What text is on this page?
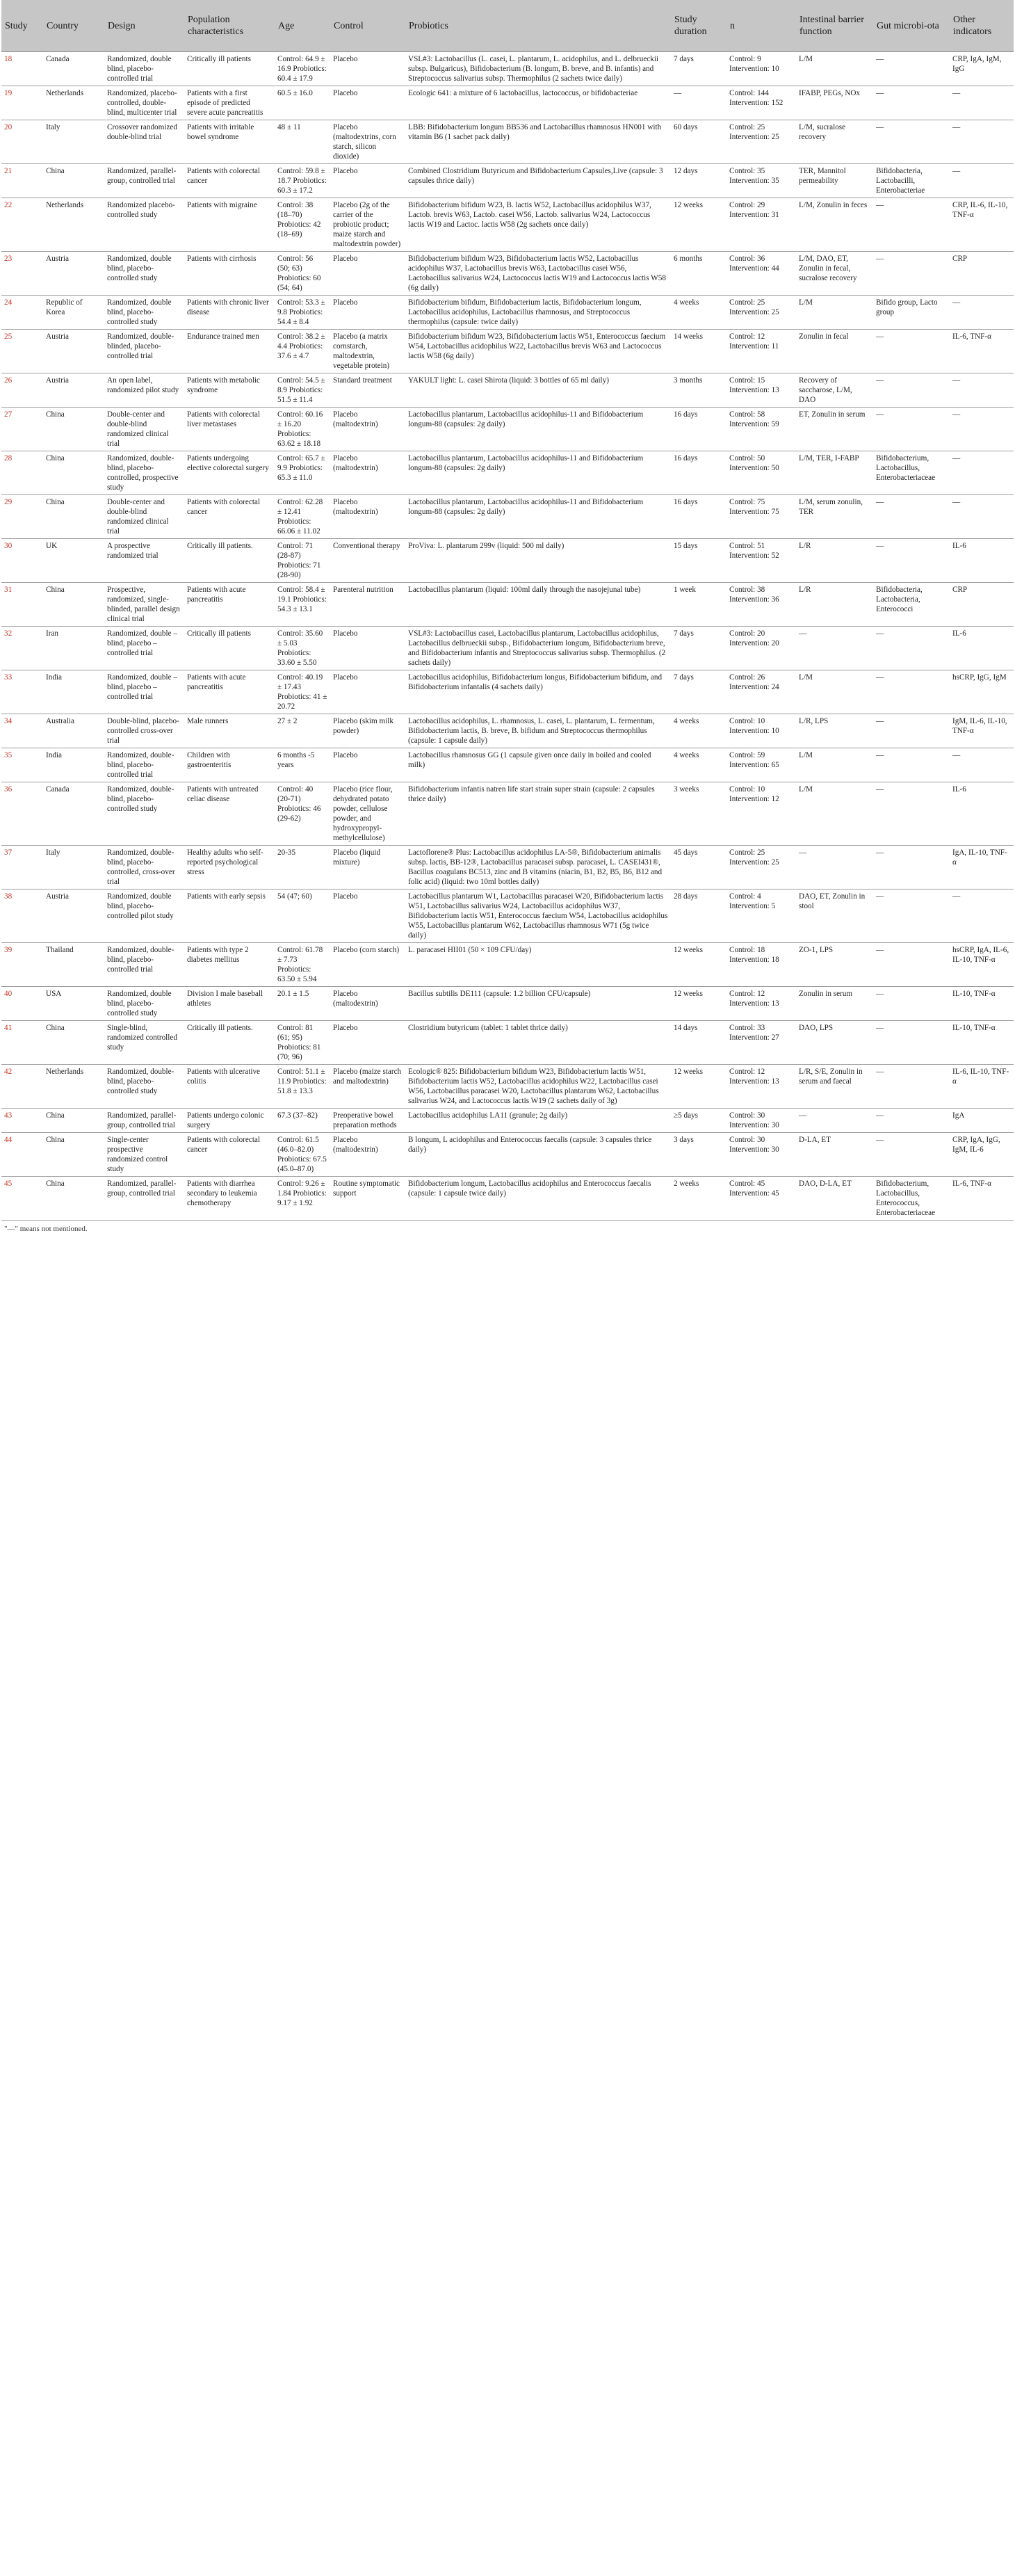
Study	Country	Design	Population characteristics	Age	Control	Probiotics	Study duration	n	Intestinal barrier function	Gut microbi-ota	Other indicators
18	Canada	Randomized, double blind, placebo-controlled trial	Critically ill patients	Control: 64.9 ± 16.9 Probiotics: 60.4 ± 17.9	Placebo	VSL#3: Lactobacillus (L. casei, L. plantarum, L. acidophilus, and L. delbrueckii subsp. Bulgaricus), Bifidobacterium (B. longum, B. breve, and B. infantis) and Streptococcus salivarius subsp. Thermophilus (2 sachets twice daily)	7 days	Control: 9 Intervention: 10	L/M	—	CRP, IgA, IgM, IgG
19	Netherlands	Randomized, placebo-controlled, double-blind, multicenter trial	Patients with a first episode of predicted severe acute pancreatitis	60.5 ± 16.0	Placebo	Ecologic 641: a mixture of 6 lactobacillus, lactococcus, or bifidobacteriae	—	Control: 144 Intervention: 152	IFABP, PEGs, NOx	—	—
20	Italy	Crossover randomized double-blind trial	Patients with irritable bowel syndrome	48 ± 11	Placebo (maltodextrins, corn starch, silicon dioxide)	LBB: Bifidobacterium longum BB536 and Lactobacillus rhamnosus HN001 with vitamin B6 (1 sachet pack daily)	60 days	Control: 25 Intervention: 25	L/M, sucralose recovery	—	—
21	China	Randomized, parallel-group, controlled trial	Patients with colorectal cancer	Control: 59.8 ± 18.7 Probiotics: 60.3 ± 17.2	Placebo	Combined Clostridium Butyricum and Bifidobacterium Capsules,Live (capsule: 3 capsules thrice daily)	12 days	Control: 35 Intervention: 35	TER, Mannitol permeability	Bifidobacteria, Lactobacilli, Enterobacteriae	—
22	Netherlands	Randomized placebo-controlled study	Patients with migraine	Control: 38 (18–70) Probiotics: 42 (18–69)	Placebo (2g of the carrier of the probiotic product; maize starch and maltodextrin powder)	Bifidobacterium bifidum W23, B. lactis W52, Lactobacillus acidophilus W37, Lactob. brevis W63, Lactob. casei W56, Lactob. salivarius W24, Lactococcus lactis W19 and Lactoc. lactis W58 (2g sachets once daily)	12 weeks	Control: 29 Intervention: 31	L/M, Zonulin in feces	—	CRP, IL-6, IL-10, TNF-α
23	Austria	Randomized, double blind, placebo-controlled study	Patients with cirrhosis	Control: 56 (50; 63) Probiotics: 60 (54; 64)	Placebo	Bifidobacterium bifidum W23, Bifidobacterium lactis W52, Lactobacillus acidophilus W37, Lactobacillus brevis W63, Lactobacillus casei W56, Lactobacillus salivarius W24, Lactococcus lactis W19 and Lactococcus lactis W58 (6g daily)	6 months	Control: 36 Intervention: 44	L/M, DAO, ET, Zonulin in fecal, sucralose recovery	—	CRP
24	Republic of Korea	Randomized, double blind, placebo-controlled study	Patients with chronic liver disease	Control: 53.3 ± 9.8 Probiotics: 54.4 ± 8.4	Placebo	Bifidobacterium bifidum, Bifidobacterium lactis, Bifidobacterium longum, Lactobacillus acidophilus, Lactobacillus rhamnosus, and Streptococcus thermophilus (capsule: twice daily)	4 weeks	Control: 25 Intervention: 25	L/M	Bifido group, Lacto group	—
25	Austria	Randomized, double-blinded, placebo-controlled trial	Endurance trained men	Control: 38.2 ± 4.4 Probiotics: 37.6 ± 4.7	Placebo (a matrix cornstarch, maltodextrin, vegetable protein)	Bifidobacterium bifidum W23, Bifidobacterium lactis W51, Enterococcus faecium W54, Lactobacillus acidophilus W22, Lactobacillus brevis W63 and Lactococcus lactis W58 (6g daily)	14 weeks	Control: 12 Intervention: 11	Zonulin in fecal	—	IL-6, TNF-α
26	Austria	An open label, randomized pilot study	Patients with metabolic syndrome	Control: 54.5 ± 8.9 Probiotics: 51.5 ± 11.4	Standard treatment	YAKULT light: L. casei Shirota (liquid: 3 bottles of 65 ml daily)	3 months	Control: 15 Intervention: 13	Recovery of saccharose, L/M, DAO	—	—
27	China	Double-center and double-blind randomized clinical trial	Patients with colorectal liver metastases	Control: 60.16 ± 16.20 Probiotics: 63.62 ± 18.18	Placebo (maltodextrin)	Lactobacillus plantarum, Lactobacillus acidophilus-11 and Bifidobacterium longum-88 (capsules: 2g daily)	16 days	Control: 58 Intervention: 59	ET, Zonulin in serum	—	—
28	China	Randomized, double-blind, placebo-controlled, prospective study	Patients undergoing elective colorectal surgery	Control: 65.7 ± 9.9 Probiotics: 65.3 ± 11.0	Placebo (maltodextrin)	Lactobacillus plantarum, Lactobacillus acidophilus-11 and Bifidobacterium longum-88 (capsules: 2g daily)	16 days	Control: 50 Intervention: 50	L/M, TER, I-FABP	Bifidobacterium, Lactobacillus, Enterobacteriaceae	—
29	China	Double-center and double-blind randomized clinical trial	Patients with colorectal cancer	Control: 62.28 ± 12.41 Probiotics: 66.06 ± 11.02	Placebo (maltodextrin)	Lactobacillus plantarum, Lactobacillus acidophilus-11 and Bifidobacterium longum-88 (capsules: 2g daily)	16 days	Control: 75 Intervention: 75	L/M, serum zonulin, TER	—	—
30	UK	A prospective randomized trial	Critically ill patients.	Control: 71 (28-87) Probiotics: 71 (28-90)	Conventional therapy	ProViva: L. plantarum 299v (liquid: 500 ml daily)	15 days	Control: 51 Intervention: 52	L/R	—	IL-6
31	China	Prospective, randomized, single-blinded, parallel design clinical trial	Patients with acute pancreatitis	Control: 58.4 ± 19.1 Probiotics: 54.3 ± 13.1	Parenteral nutrition	Lactobacillus plantarum (liquid: 100ml daily through the nasojejunal tube)	1 week	Control: 38 Intervention: 36	L/R	Bifidobacteria, Lactobacteria, Enterococci	CRP
32	Iran	Randomized, double –blind, placebo –controlled trial	Critically ill patients	Control: 35.60 ± 5.03 Probiotics: 33.60 ± 5.50	Placebo	VSL#3: Lactobacillus casei, Lactobacillus plantarum, Lactobacillus acidophilus, Lactobacillus delbrueckii subsp., Bifidobacterium longum, Bifidobacterium breve, and Bifidobacterium infantis and Streptococcus salivarius subsp. Thermophilus. (2 sachets daily)	7 days	Control: 20 Intervention: 20	—	—	IL-6
33	India	Randomized, double –blind, placebo –controlled trial	Patients with acute pancreatitis	Control: 40.19 ± 17.43 Probiotics: 41 ± 20.72	Placebo	Lactobacillus acidophilus, Bifidobacterium longus, Bifidobacterium bifidum, and Bifidobacterium infantalis (4 sachets daily)	7 days	Control: 26 Intervention: 24	L/M	—	hsCRP, IgG, IgM
34	Australia	Double-blind, placebo-controlled cross-over trial	Male runners	27 ± 2	Placebo (skim milk powder)	Lactobacillus acidophilus, L. rhamnosus, L. casei, L. plantarum, L. fermentum, Bifidobacterium lactis, B. breve, B. bifidum and Streptococcus thermophilus (capsule: 1 capsule daily)	4 weeks	Control: 10 Intervention: 10	L/R, LPS	—	IgM, IL-6, IL-10, TNF-α
35	India	Randomized, double-blind, placebo-controlled trial	Children with gastroenteritis	6 months -5 years	Placebo	Lactobacillus rhamnosus GG (1 capsule given once daily in boiled and cooled milk)	4 weeks	Control: 59 Intervention: 65	L/M	—	—
36	Canada	Randomized, double-blind, placebo-controlled study	Patients with untreated celiac disease	Control: 40 (20-71) Probiotics: 46 (29-62)	Placebo (rice flour, dehydrated potato powder, cellulose powder, and hydroxypropyl-methylcellulose)	Bifidobacterium infantis natren life start strain super strain (capsule: 2 capsules thrice daily)	3 weeks	Control: 10 Intervention: 12	L/M	—	IL-6
37	Italy	Randomized, double-blind, placebo-controlled, cross-over trial	Healthy adults who self-reported psychological stress	20-35	Placebo (liquid mixture)	Lactoflorene® Plus: Lactobacillus acidophilus LA-5®, Bifidobacterium animalis subsp. lactis, BB-12®, Lactobacillus paracasei subsp. paracasei, L. CASEI431®, Bacillus coagulans BC513, zinc and B vitamins (niacin, B1, B2, B5, B6, B12 and folic acid) (liquid: two 10ml bottles daily)	45 days	Control: 25 Intervention: 25	—	—	IgA, IL-10, TNF-α
38	Austria	Randomized, double blind, placebo-controlled pilot study	Patients with early sepsis	54 (47; 60)	Placebo	Lactobacillus plantarum W1, Lactobacillus paracasei W20, Bifidobacterium lactis W51, Lactobacillus salivarius W24, Lactobacillus acidophilus W37, Bifidobacterium lactis W51, Enterococcus faecium W54, Lactobacillus acidophilus W55, Lactobacillus plantarum W62, Lactobacillus rhamnosus W71 (5g twice daily)	28 days	Control: 4 Intervention: 5	DAO, ET, Zonulin in stool	—	—
39	Thailand	Randomized, double-blind, placebo-controlled trial	Patients with type 2 diabetes mellitus	Control: 61.78 ± 7.73 Probiotics: 63.50 ± 5.94	Placebo (corn starch)	L. paracasei HII01 (50 × 109 CFU/day)	12 weeks	Control: 18 Intervention: 18	ZO-1, LPS	—	hsCRP, IgA, IL-6, IL-10, TNF-α
40	USA	Randomized, double blind, placebo-controlled study	Division I male baseball athletes	20.1 ± 1.5	Placebo (maltodextrin)	Bacillus subtilis DE111 (capsule: 1.2 billion CFU/capsule)	12 weeks	Control: 12 Intervention: 13	Zonulin in serum	—	IL-10, TNF-α
41	China	Single-blind, randomized controlled study	Critically ill patients.	Control: 81 (61; 95) Probiotics: 81 (70; 96)	Placebo	Clostridium butyricum (tablet: 1 tablet thrice daily)	14 days	Control: 33 Intervention: 27	DAO, LPS	—	IL-10, TNF-α
42	Netherlands	Randomized, double-blind, placebo-controlled study	Patients with ulcerative colitis	Control: 51.1 ± 11.9 Probiotics: 51.8 ± 13.3	Placebo (maize starch and maltodextrin)	Ecologic® 825: Bifidobacterium bifidum W23, Bifidobacterium lactis W51, Bifidobacterium lactis W52, Lactobacillus acidophilus W22, Lactobacillus casei W56, Lactobacillus paracasei W20, Lactobacillus plantarum W62, Lactobacillus salivarius W24, and Lactococcus lactis W19 (2 sachets daily of 3g)	12 weeks	Control: 12 Intervention: 13	L/R, S/E, Zonulin in serum and faecal	—	IL-6, IL-10, TNF-α
43	China	Randomized, parallel-group, controlled trial	Patients undergo colonic surgery	67.3 (37–82)	Preoperative bowel preparation methods	Lactobacillus acidophilus LA11 (granule; 2g daily)	≥5 days	Control: 30 Intervention: 30	—	—	IgA
44	China	Single-center prospective randomized control study	Patients with colorectal cancer	Control: 61.5 (46.0–82.0) Probiotics: 67.5 (45.0–87.0)	Placebo (maltodextrin)	B longum, L acidophilus and Enterococcus faecalis (capsule: 3 capsules thrice daily)	3 days	Control: 30 Intervention: 30	D-LA, ET	—	CRP, IgA, IgG, IgM, IL-6
45	China	Randomized, parallel-group, controlled trial	Patients with diarrhea secondary to leukemia chemotherapy	Control: 9.26 ± 1.84 Probiotics: 9.17 ± 1.92	Routine symptomatic support	Bifidobacterium longum, Lactobacillus acidophilus and Enterococcus faecalis (capsule: 1 capsule twice daily)	2 weeks	Control: 45 Intervention: 45	DAO, D-LA, ET	Bifidobacterium, Lactobacillus, Enterococcus, Enterobacteriaceae	IL-6, TNF-α
"—" means not mentioned.
